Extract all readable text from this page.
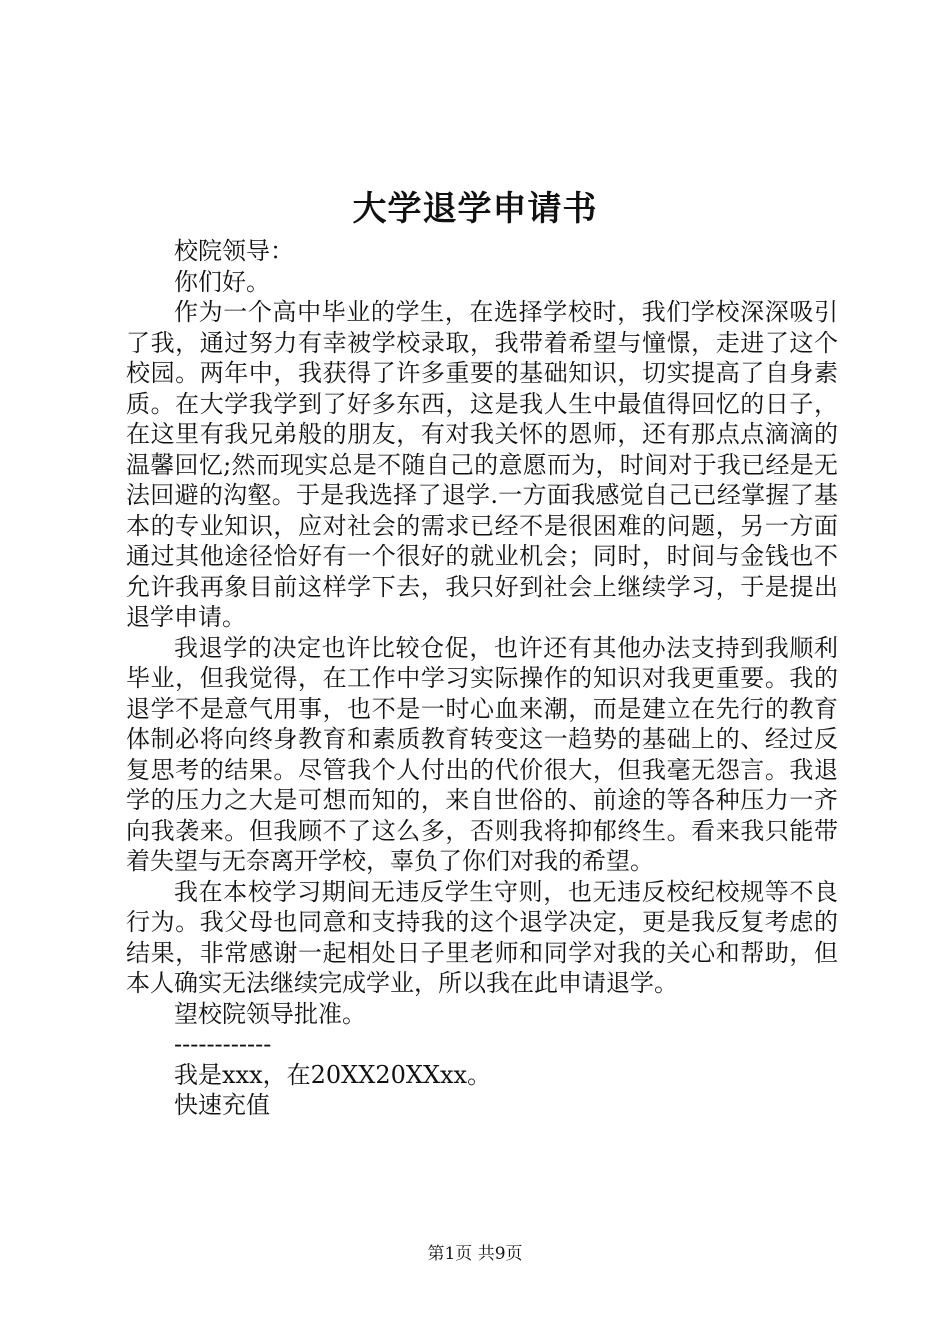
大学退学申请书

校院领导：

你们好。

作为一个高中毕业的学生，在选择学校时，我们学校深深吸引了我，通过努力有幸被学校录取，我带着希望与憧憬，走进了这个校园。两年中，我获得了许多重要的基础知识，切实提高了自身素质。在大学我学到了好多东西，这是我人生中最值得回忆的日子，在这里有我兄弟般的朋友，有对我关怀的恩师，还有那点点滴滴的温馨回忆;然而现实总是不随自己的意愿而为，时间对于我已经是无法回避的沟壑。于是我选择了退学.一方面我感觉自己已经掌握了基本的专业知识，应对社会的需求已经不是很困难的问题，另一方面通过其他途径恰好有一个很好的就业机会；同时，时间与金钱也不允许我再象目前这样学下去，我只好到社会上继续学习，于是提出退学申请。

我退学的决定也许比较仓促，也许还有其他办法支持到我顺利毕业，但我觉得，在工作中学习实际操作的知识对我更重要。我的退学不是意气用事，也不是一时心血来潮，而是建立在先行的教育体制必将向终身教育和素质教育转变这一趋势的基础上的、经过反复思考的结果。尽管我个人付出的代价很大，但我毫无怨言。我退学的压力之大是可想而知的，来自世俗的、前途的等各种压力一齐向我袭来。但我顾不了这么多，否则我将抑郁终生。看来我只能带着失望与无奈离开学校，辜负了你们对我的希望。

我在本校学习期间无违反学生守则，也无违反校纪校规等不良行为。我父母也同意和支持我的这个退学决定，更是我反复考虑的结果，非常感谢一起相处日子里老师和同学对我的关心和帮助，但本人确实无法继续完成学业，所以我在此申请退学。

望校院领导批准。

------------

我是xxx，在20XX20XXxx。

快速充值

第1页 共9页
